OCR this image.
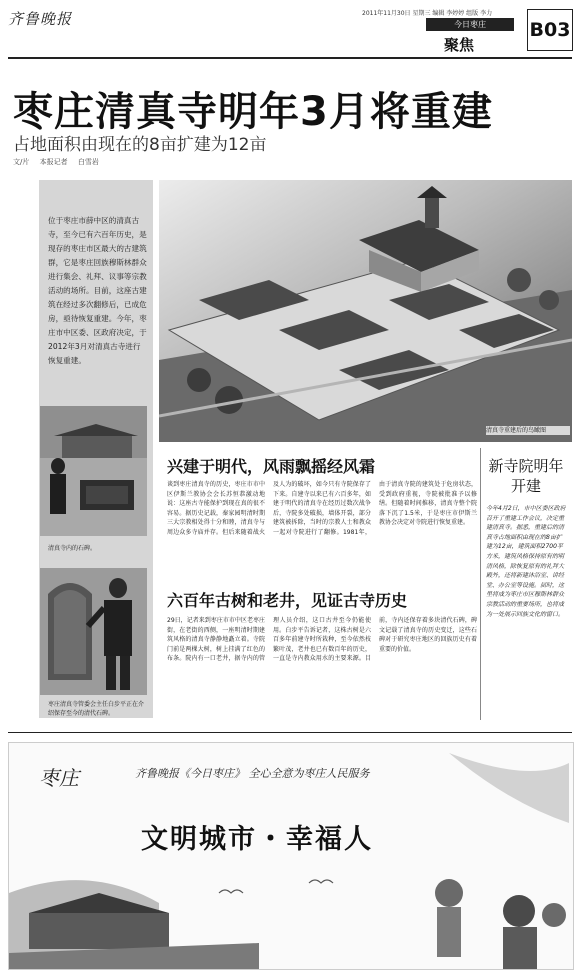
齐鲁晚报	2011年11月30日 星期三 编辑 李婷婷 组版 李力
今日枣庄
聚焦
B03
枣庄清真寺明年3月将重建
占地面积由现在的8亩扩建为12亩
文/片 本报记者 白雪岩
位于枣庄市薛中区的清真古寺，至今已有六百年历史，是现存的枣庄市区最大的古建筑群，它是枣庄回族穆斯林群众进行集会、礼拜、议事等宗教活动的场所。目前，这座古建筑在经过多次翻修后，已成危房，亟待恢复重建。今年，枣庄市中区委、区政府决定，于2012年3月对清真古寺进行恢复重建。
清真寺内的石碑。
枣庄清真寺管委会主任白步平正在介绍保存至今的清代石碑。
清真寺重建后的鸟瞰图
兴建于明代，风雨飘摇经风霜
谈到枣庄清真寺的历史，枣庄市市中区伊斯兰教协会会长苏恒恭激动地说：这座古寺能保护到现在真的很不容易。据历史记载，秦家园明清时期三大宗教相处得十分和睦，清真寺与周边众多寺庙并存。但后来随着战火及人为的破坏，如今只有寺院保存了下来。自建寺以来已有六百多年，如建于明代的清真寺在经历过数次战争后，寺院多处破损，墙体开裂，部分建筑被拆除，当时的宗教人士和教众一起对寺院进行了翻修。1981年，由于清真寺院的建筑处于危房状态，受到政府重视，寺院被批准予以修缮。但随着时间推移，清真寺整个院落下沉了1.5米，于是枣庄市伊斯兰教协会决定对寺院进行恢复重建。
六百年古树和老井，见证古寺历史
29日，记者来到枣庄市市中区老枣庄街，在老街的西侧，一座明清时期建筑风格的清真寺静静地矗立着。寺院门前是两棵大树，树上挂满了红色的布条。院内有一口老井，据寺内的管理人员介绍，这口古井至今仍能使用。白步平告诉记者，这株古树是六百多年前建寺时所栽种，至今依然枝繁叶茂，老井也已有数百年的历史，一直是寺内教众用水的主要来源。目前，寺内还保存着多块清代石碑，碑文记载了清真寺的历史变迁，这些石碑对于研究枣庄地区的回族历史有着重要的价值。
新寺院明年开建
今年4月2日，市中区委区政府召开了重建工作会议，决定重建清真寺。据悉，重建后的清真寺占地面积由现在的8亩扩建为12亩，建筑面积2700平方米，建筑风格保持原有的明清风格，除恢复原有的礼拜大殿外，还将新建沐浴室、讲经堂、办公室等设施。届时，这里将成为枣庄市区穆斯林群众宗教活动的重要场所，也将成为一处展示回族文化的窗口。
枣庄	齐鲁晚报《今日枣庄》 全心全意为枣庄人民服务
文明城市・幸福人
